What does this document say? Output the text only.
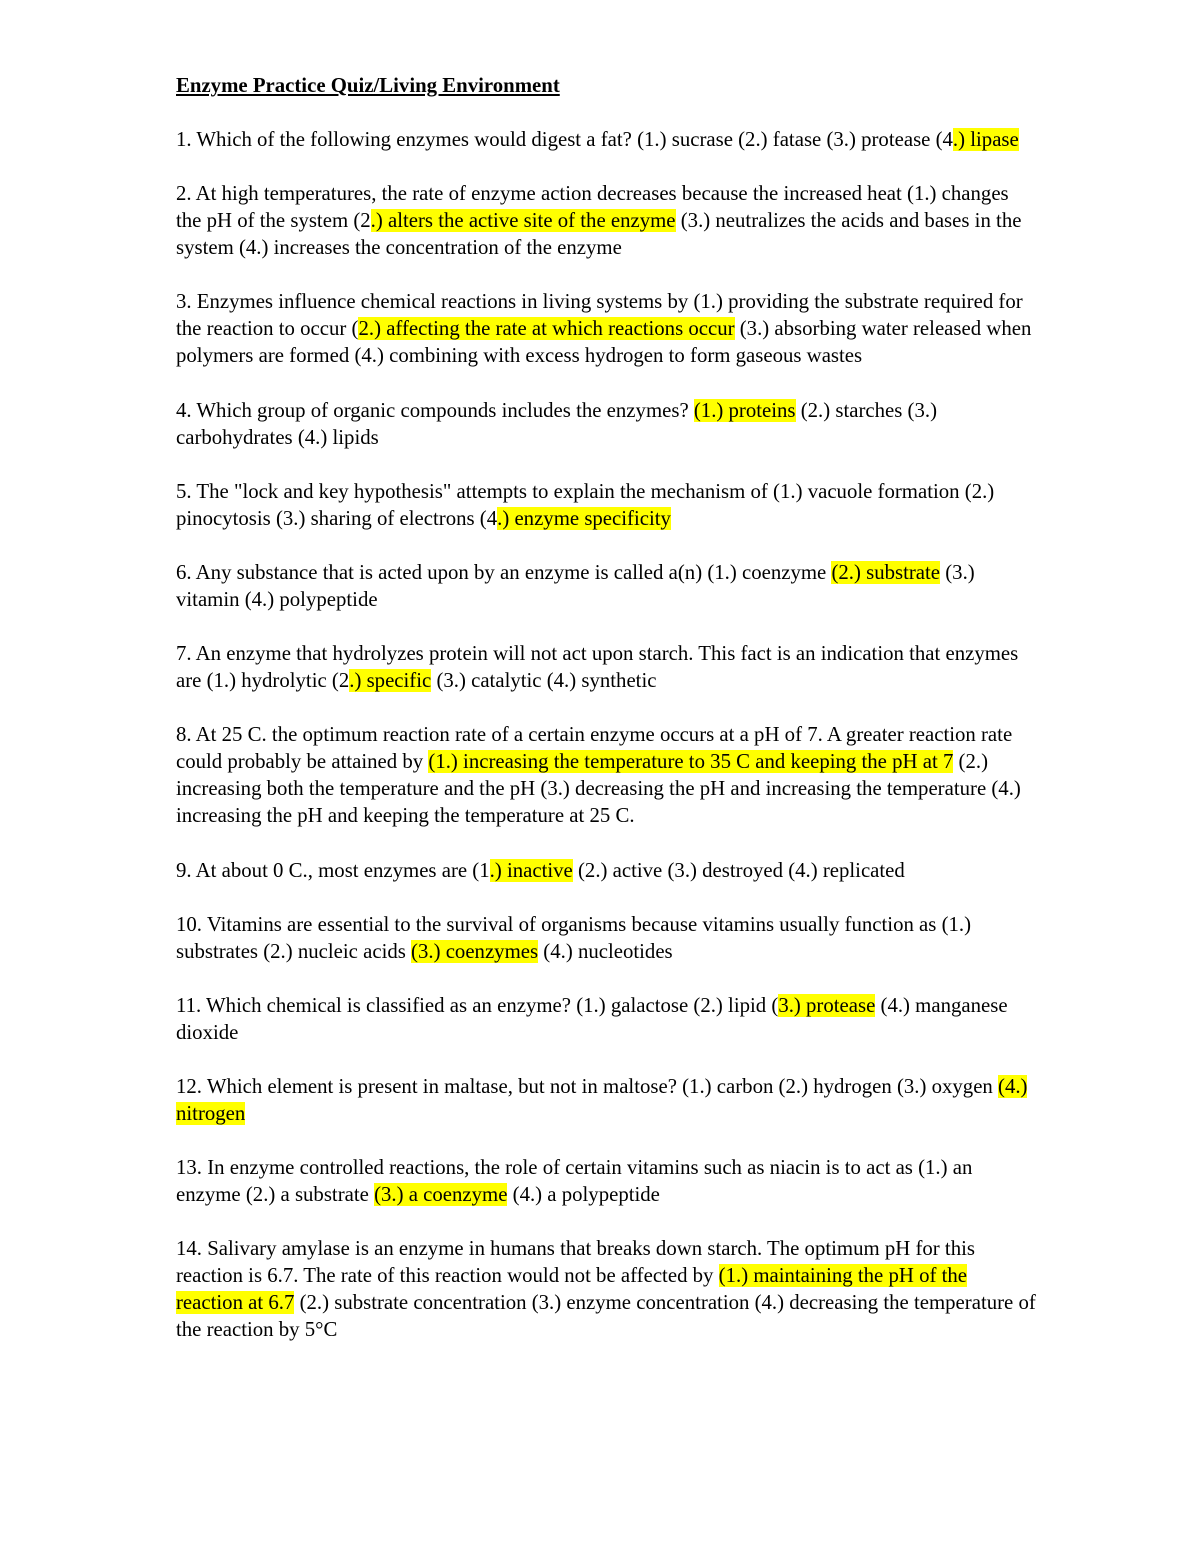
Enzyme Practice Quiz/Living Environment
1. Which of the following enzymes would digest a fat? (1.) sucrase (2.) fatase (3.) protease (4.) lipase
2. At high temperatures, the rate of enzyme action decreases because the increased heat (1.) changes the pH of the system (2.) alters the active site of the enzyme (3.) neutralizes the acids and bases in the system (4.) increases the concentration of the enzyme
3. Enzymes influence chemical reactions in living systems by (1.) providing the substrate required for the reaction to occur (2.) affecting the rate at which reactions occur (3.) absorbing water released when polymers are formed (4.) combining with excess hydrogen to form gaseous wastes
4. Which group of organic compounds includes the enzymes? (1.) proteins (2.) starches (3.) carbohydrates (4.) lipids
5. The "lock and key hypothesis" attempts to explain the mechanism of (1.) vacuole formation (2.) pinocytosis (3.) sharing of electrons (4.) enzyme specificity
6. Any substance that is acted upon by an enzyme is called a(n) (1.) coenzyme (2.) substrate (3.) vitamin (4.) polypeptide
7. An enzyme that hydrolyzes protein will not act upon starch. This fact is an indication that enzymes are (1.) hydrolytic (2.) specific (3.) catalytic (4.) synthetic
8. At 25 C. the optimum reaction rate of a certain enzyme occurs at a pH of 7. A greater reaction rate could probably be attained by (1.) increasing the temperature to 35 C and keeping the pH at 7 (2.) increasing both the temperature and the pH (3.) decreasing the pH and increasing the temperature (4.) increasing the pH and keeping the temperature at 25 C.
9. At about 0 C., most enzymes are (1.) inactive (2.) active (3.) destroyed (4.) replicated
10. Vitamins are essential to the survival of organisms because vitamins usually function as (1.) substrates (2.) nucleic acids (3.) coenzymes (4.) nucleotides
11. Which chemical is classified as an enzyme? (1.) galactose (2.) lipid (3.) protease (4.) manganese dioxide
12. Which element is present in maltase, but not in maltose? (1.) carbon (2.) hydrogen (3.) oxygen (4.) nitrogen
13. In enzyme controlled reactions, the role of certain vitamins such as niacin is to act as (1.) an enzyme (2.) a substrate (3.) a coenzyme (4.) a polypeptide
14. Salivary amylase is an enzyme in humans that breaks down starch. The optimum pH for this reaction is 6.7. The rate of this reaction would not be affected by (1.) maintaining the pH of the reaction at 6.7 (2.) substrate concentration (3.) enzyme concentration (4.) decreasing the temperature of the reaction by 5°C
